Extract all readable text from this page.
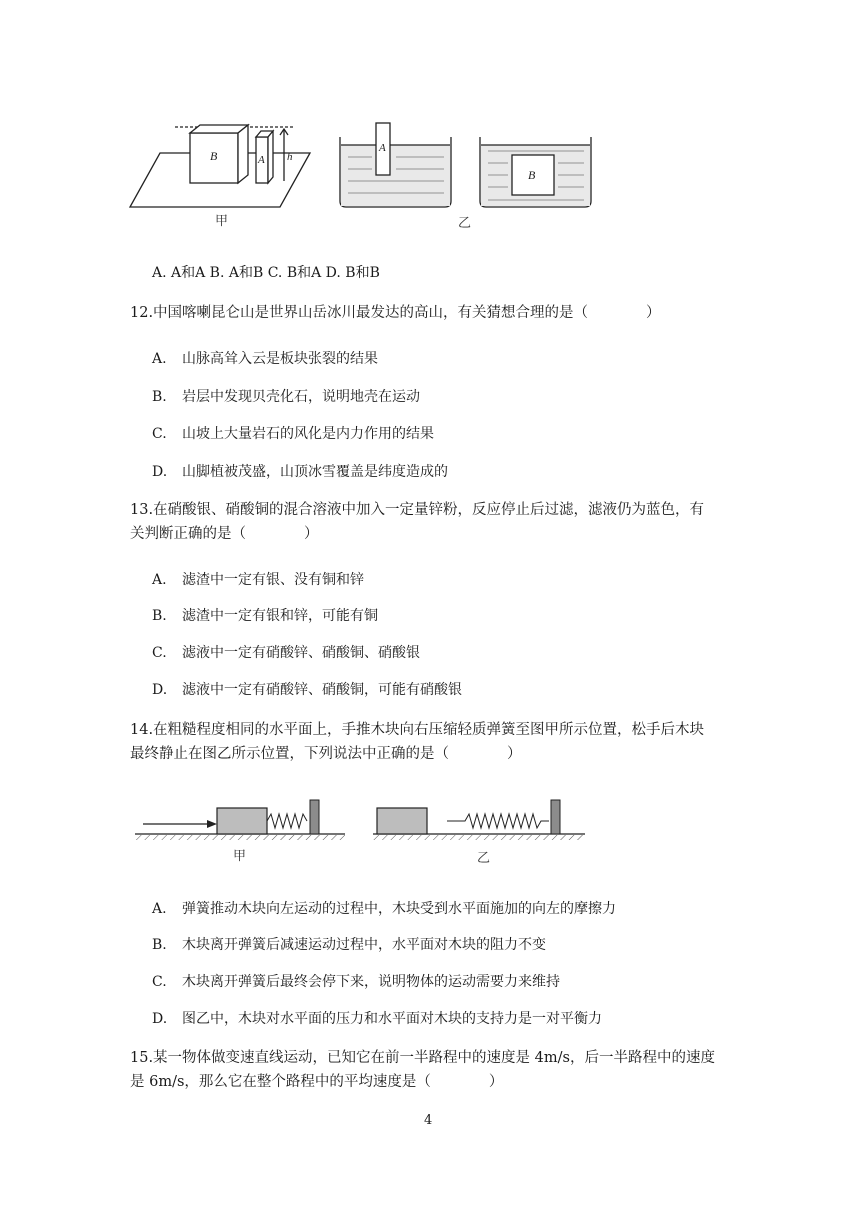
B	A h
甲
A
B
乙
A. A和A B. A和B C. B和A D. B和B
12.中国喀喇昆仑山是世界山岳冰川最发达的高山，有关猜想合理的是（　　　　）
A. 山脉高耸入云是板块张裂的结果
B. 岩层中发现贝壳化石，说明地壳在运动
C. 山坡上大量岩石的风化是内力作用的结果
D. 山脚植被茂盛，山顶冰雪覆盖是纬度造成的
13.在硝酸银、硝酸铜的混合溶液中加入一定量锌粉，反应停止后过滤，滤液仍为蓝色，有
关判断正确的是（　　　　）
A. 滤渣中一定有银、没有铜和锌
B. 滤渣中一定有银和锌，可能有铜
C. 滤液中一定有硝酸锌、硝酸铜、硝酸银
D. 滤液中一定有硝酸锌、硝酸铜，可能有硝酸银
14.在粗糙程度相同的水平面上，手推木块向右压缩轻质弹簧至图甲所示位置，松手后木块
最终静止在图乙所示位置，下列说法中正确的是（　　　　）
甲	乙
A. 弹簧推动木块向左运动的过程中，木块受到水平面施加的向左的摩擦力
B. 木块离开弹簧后减速运动过程中，水平面对木块的阻力不变
C. 木块离开弹簧后最终会停下来，说明物体的运动需要力来维持
D. 图乙中，木块对水平面的压力和水平面对木块的支持力是一对平衡力
15.某一物体做变速直线运动，已知它在前一半路程中的速度是 4m/s，后一半路程中的速度
是 6m/s，那么它在整个路程中的平均速度是（　　　　）
4
